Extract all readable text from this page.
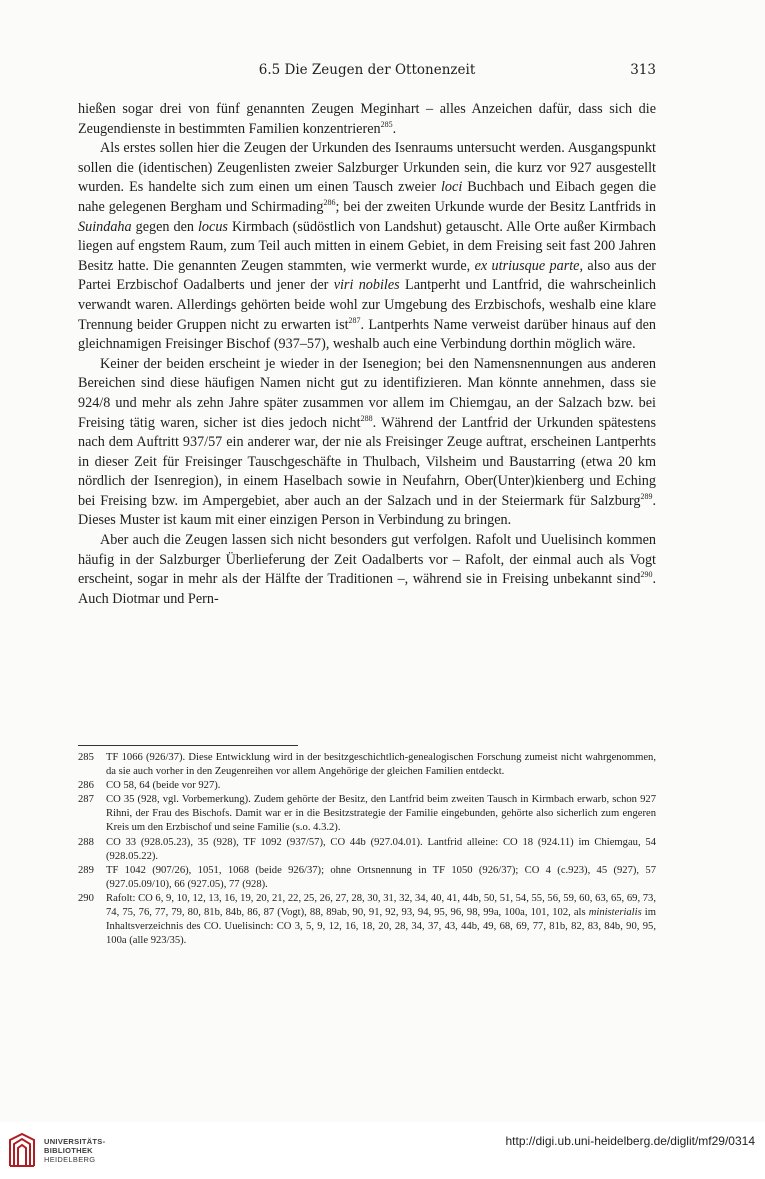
6.5 Die Zeugen der Ottonenzeit	313

hießen sogar drei von fünf genannten Zeugen Meginhart – alles Anzeichen dafür, dass sich die Zeugendienste in bestimmten Familien konzentrieren$^{285}$.

Als erstes sollen hier die Zeugen der Urkunden des Isenraums untersucht werden. Ausgangspunkt sollen die (identischen) Zeugenlisten zweier Salzburger Urkunden sein, die kurz vor 927 ausgestellt wurden. Es handelte sich zum einen um einen Tausch zweier loci Buchbach und Eibach gegen die nahe gelegenen Bergham und Schirmading$^{286}$; bei der zweiten Urkunde wurde der Besitz Lantfrids in Suindaha gegen den locus Kirmbach (südöstlich von Landshut) getauscht. Alle Orte außer Kirmbach liegen auf engstem Raum, zum Teil auch mitten in einem Gebiet, in dem Freising seit fast 200 Jahren Besitz hatte. Die genannten Zeugen stammten, wie vermerkt wurde, ex utriusque parte, also aus der Partei Erzbischof Oadalberts und jener der viri nobiles Lantperht und Lantfrid, die wahrscheinlich verwandt waren. Allerdings gehörten beide wohl zur Umgebung des Erzbischofs, weshalb eine klare Trennung beider Gruppen nicht zu erwarten ist$^{287}$. Lantperhts Name verweist darüber hinaus auf den gleichnamigen Freisinger Bischof (937–57), weshalb auch eine Verbindung dorthin möglich wäre.

Keiner der beiden erscheint je wieder in der Isenegion; bei den Namensnennungen aus anderen Bereichen sind diese häufigen Namen nicht gut zu identifizieren. Man könnte annehmen, dass sie 924/8 und mehr als zehn Jahre später zusammen vor allem im Chiemgau, an der Salzach bzw. bei Freising tätig waren, sicher ist dies jedoch nicht$^{288}$. Während der Lantfrid der Urkunden spätestens nach dem Auftritt 937/57 ein anderer war, der nie als Freisinger Zeuge auftrat, erscheinen Lantperhts in dieser Zeit für Freisinger Tauschgeschäfte in Thulbach, Vilsheim und Baustarring (etwa 20 km nördlich der Isenregion), in einem Haselbach sowie in Neufahrn, Ober(Unter)kienberg und Eching bei Freising bzw. im Ampergebiet, aber auch an der Salzach und in der Steiermark für Salzburg$^{289}$. Dieses Muster ist kaum mit einer einzigen Person in Verbindung zu bringen.

Aber auch die Zeugen lassen sich nicht besonders gut verfolgen. Rafolt und Uuelisinch kommen häufig in der Salzburger Überlieferung der Zeit Oadalberts vor – Rafolt, der einmal auch als Vogt erscheint, sogar in mehr als der Hälfte der Traditionen –, während sie in Freising unbekannt sind$^{290}$. Auch Diotmar und Pern-

285	TF 1066 (926/37). Diese Entwicklung wird in der besitzgeschichtlich-genealogischen Forschung zumeist nicht wahrgenommen, da sie auch vorher in den Zeugenreihen vor allem Angehörige der gleichen Familien entdeckt.
286	CO 58, 64 (beide vor 927).
287	CO 35 (928, vgl. Vorbemerkung). Zudem gehörte der Besitz, den Lantfrid beim zweiten Tausch in Kirmbach erwarb, schon 927 Rihni, der Frau des Bischofs. Damit war er in die Besitzstrategie der Familie eingebunden, gehörte also sicherlich zum engeren Kreis um den Erzbischof und seine Familie (s.o. 4.3.2).
288	CO 33 (928.05.23), 35 (928), TF 1092 (937/57), CO 44b (927.04.01). Lantfrid alleine: CO 18 (924.11) im Chiemgau, 54 (928.05.22).
289	TF 1042 (907/26), 1051, 1068 (beide 926/37); ohne Ortsnennung in TF 1050 (926/37); CO 4 (c.923), 45 (927), 57 (927.05.09/10), 66 (927.05), 77 (928).
290	Rafolt: CO 6, 9, 10, 12, 13, 16, 19, 20, 21, 22, 25, 26, 27, 28, 30, 31, 32, 34, 40, 41, 44b, 50, 51, 54, 55, 56, 59, 60, 63, 65, 69, 73, 74, 75, 76, 77, 79, 80, 81b, 84b, 86, 87 (Vogt), 88, 89ab, 90, 91, 92, 93, 94, 95, 96, 98, 99a, 100a, 101, 102, als ministerialis im Inhaltsverzeichnis des CO. Uuelisinch: CO 3, 5, 9, 12, 16, 18, 20, 28, 34, 37, 43, 44b, 49, 68, 69, 77, 81b, 82, 83, 84b, 90, 95, 100a (alle 923/35).
UNIVERSITÄTS-
BIBLIOTHEK
HEIDELBERG
http://digi.ub.uni-heidelberg.de/diglit/mf29/0314
